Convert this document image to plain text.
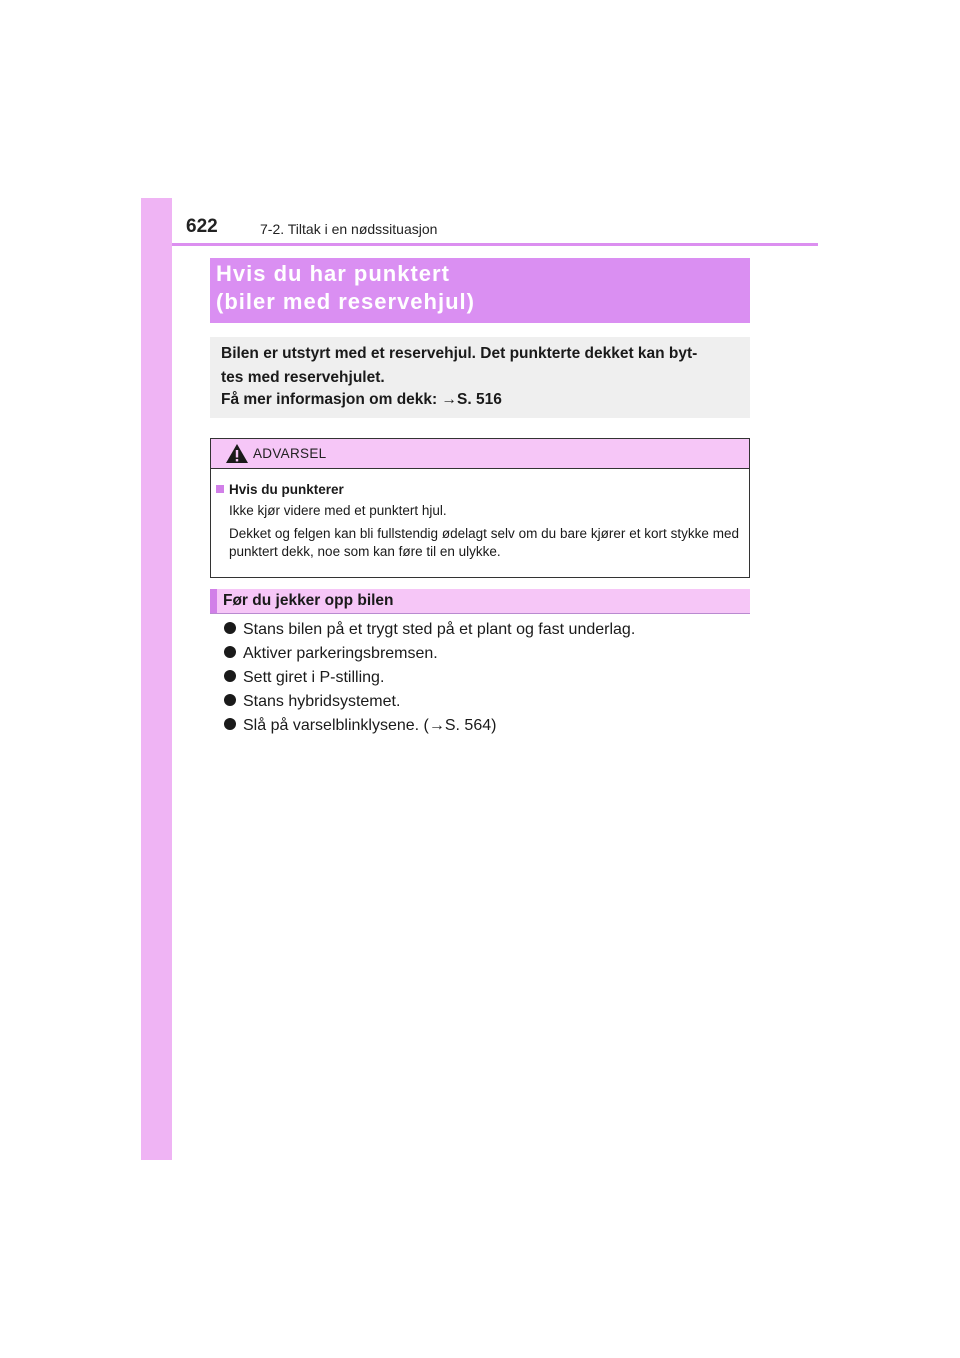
622	7-2. Tiltak i en nødssituasjon
Hvis du har punktert
(biler med reservehjul)
Bilen er utstyrt med et reservehjul. Det punkterte dekket kan byt-
tes med reservehjulet.
Få mer informasjon om dekk: →S. 516
ADVARSEL
Hvis du punkterer
Ikke kjør videre med et punktert hjul.
Dekket og felgen kan bli fullstendig ødelagt selv om du bare kjører et kort stykke med punktert dekk, noe som kan føre til en ulykke.
Før du jekker opp bilen
Stans bilen på et trygt sted på et plant og fast underlag.
Aktiver parkeringsbremsen.
Sett giret i P-stilling.
Stans hybridsystemet.
Slå på varselblinklysene. (→S. 564)
